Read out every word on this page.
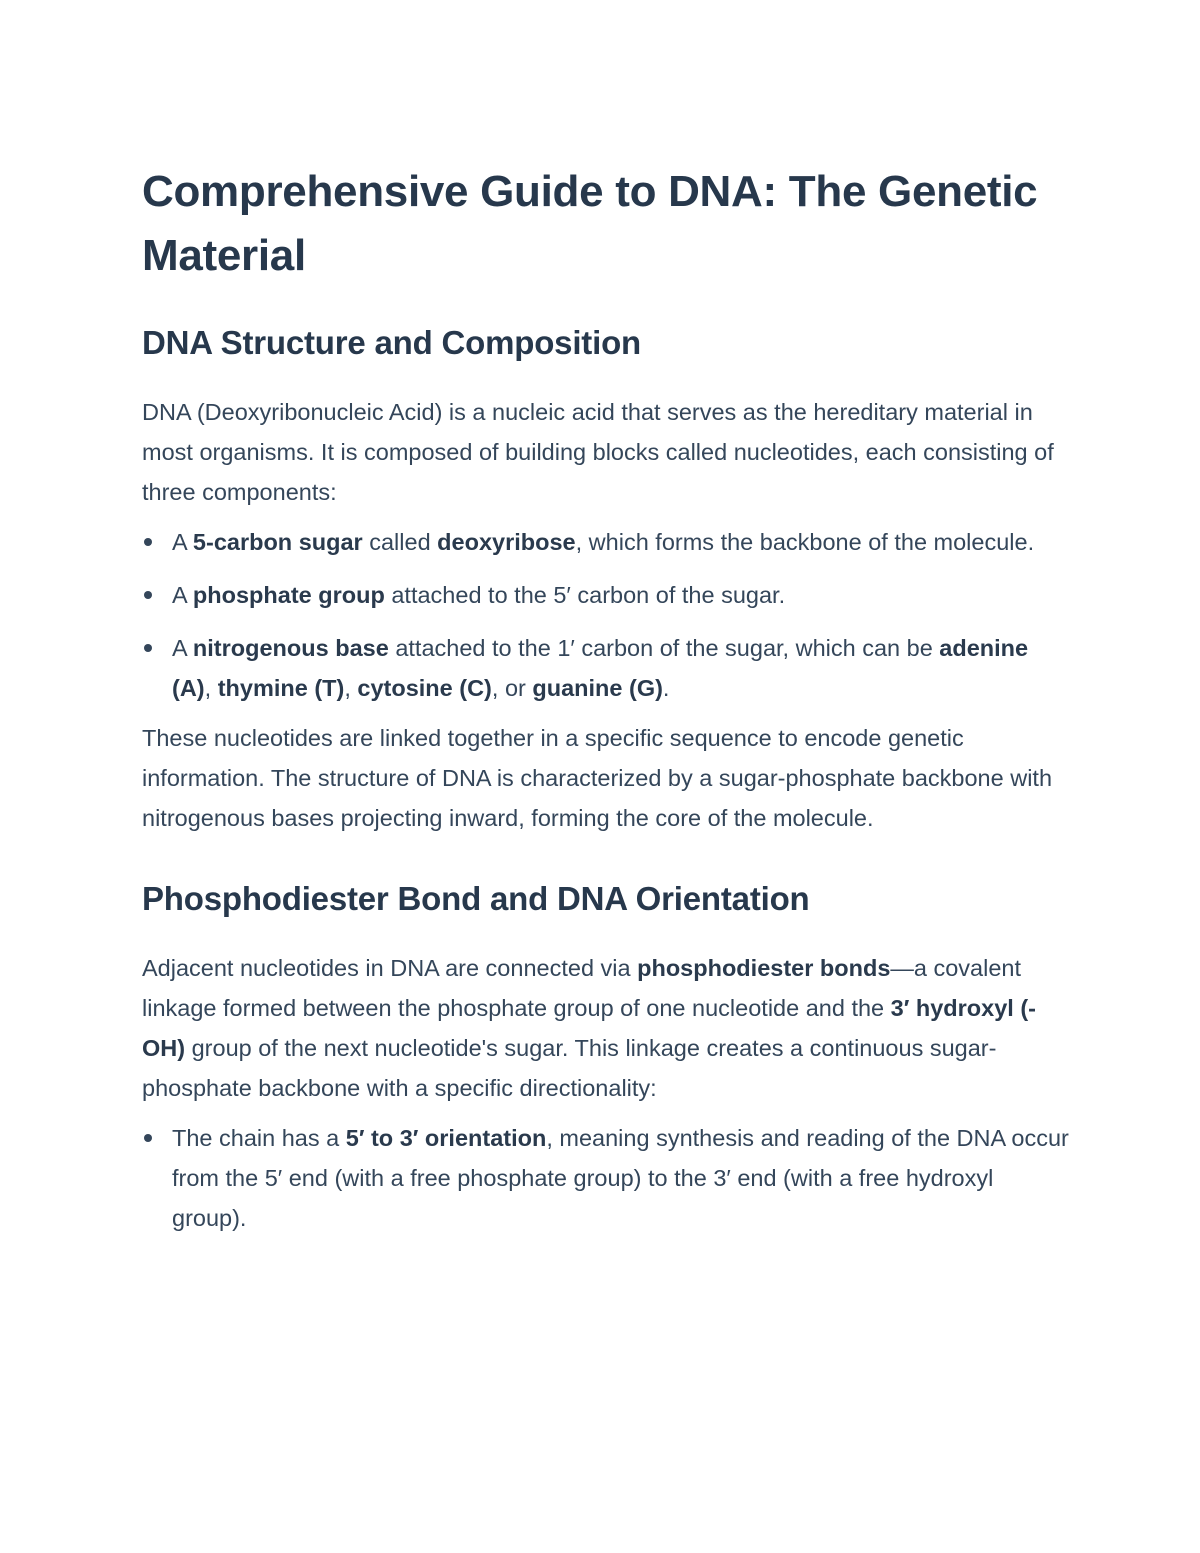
Comprehensive Guide to DNA: The Genetic Material
DNA Structure and Composition

DNA (Deoxyribonucleic Acid) is a nucleic acid that serves as the hereditary material in most organisms. It is composed of building blocks called nucleotides, each consisting of three components:

A 5-carbon sugar called deoxyribose, which forms the backbone of the molecule.
A phosphate group attached to the 5′ carbon of the sugar.
A nitrogenous base attached to the 1′ carbon of the sugar, which can be adenine (A), thymine (T), cytosine (C), or guanine (G).

These nucleotides are linked together in a specific sequence to encode genetic information. The structure of DNA is characterized by a sugar-phosphate backbone with nitrogenous bases projecting inward, forming the core of the molecule.

Phosphodiester Bond and DNA Orientation

Adjacent nucleotides in DNA are connected via phosphodiester bonds—a covalent linkage formed between the phosphate group of one nucleotide and the 3′ hydroxyl (-OH) group of the next nucleotide's sugar. This linkage creates a continuous sugar-phosphate backbone with a specific directionality:

The chain has a 5′ to 3′ orientation, meaning synthesis and reading of the DNA occur from the 5′ end (with a free phosphate group) to the 3′ end (with a free hydroxyl group).
